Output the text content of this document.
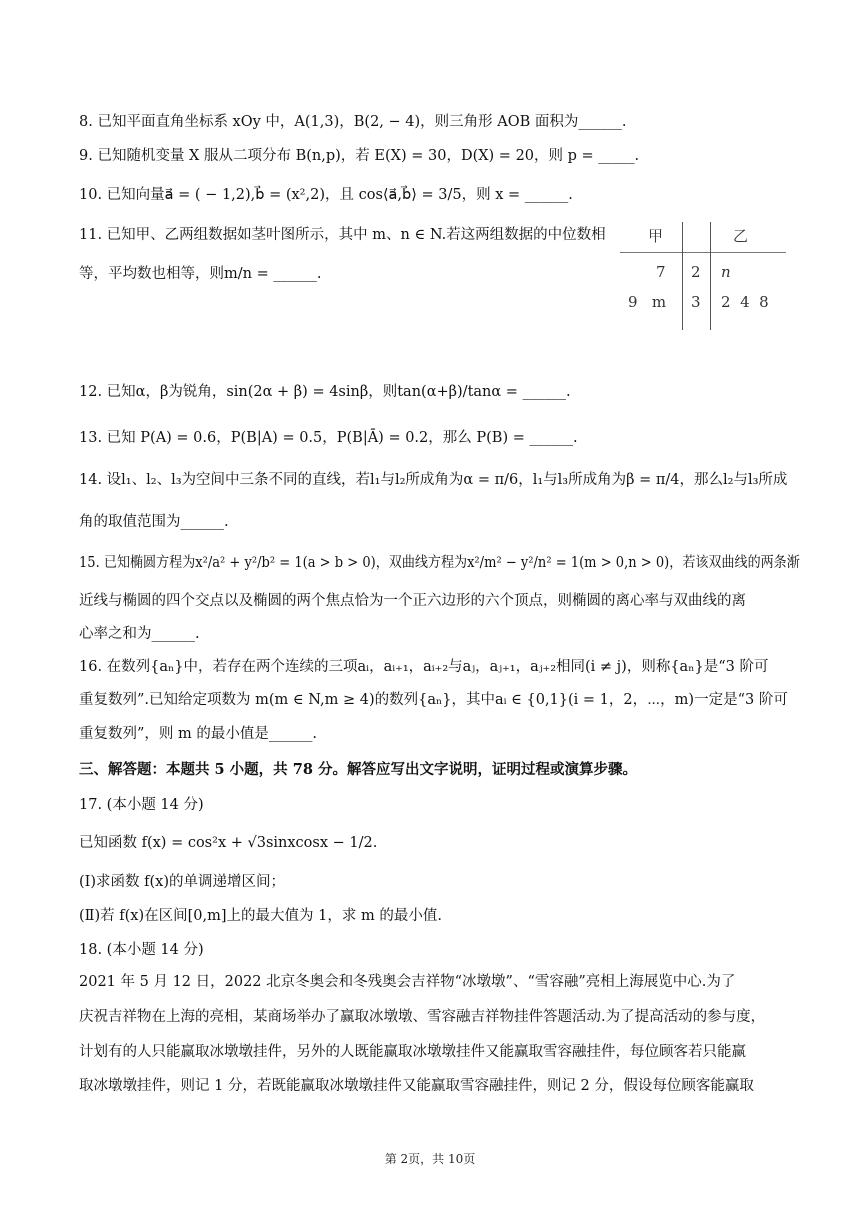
8. 已知平面直角坐标系 xOy 中，A(1,3)，B(2, − 4)，则三角形 AOB 面积为______.
9. 已知随机变量 X 服从二项分布 B(n,p)，若 E(X) = 30，D(X) = 20，则 p = _____.
10. 已知向量a⃗ = ( − 1,2),b⃗ = (x²,2)，且 cos⟨a⃗,b⃗⟩ = 3/5，则 x = ______.
11. 已知甲、乙两组数据如茎叶图所示，其中 m、n ∈ N.若这两组数据的中位数相
等，平均数也相等，则m/n = ______.
甲	乙
7 2 n
9   m 3 2  4  8
12. 已知α，β为锐角，sin(2α + β) = 4sinβ，则tan(α+β)/tanα = ______.
13. 已知 P(A) = 0.6，P(B|A) = 0.5，P(B|Ā) = 0.2，那么 P(B) = ______.
14. 设l₁、l₂、l₃为空间中三条不同的直线，若l₁与l₂所成角为α = π/6，l₁与l₃所成角为β = π/4，那么l₂与l₃所成
角的取值范围为______.
15. 已知椭圆方程为x²/a² + y²/b² = 1(a > b > 0)，双曲线方程为x²/m² − y²/n² = 1(m > 0,n > 0)，若该双曲线的两条渐
近线与椭圆的四个交点以及椭圆的两个焦点恰为一个正六边形的六个顶点，则椭圆的离心率与双曲线的离
心率之和为______.
16. 在数列{aₙ}中，若存在两个连续的三项aᵢ，aᵢ₊₁，aᵢ₊₂与aⱼ，aⱼ₊₁，aⱼ₊₂相同(i ≠ j)，则称{aₙ}是“3 阶可
重复数列”.已知给定项数为 m(m ∈ N,m ≥ 4)的数列{aₙ}，其中aᵢ ∈ {0,1}(i = 1，2，⋯，m)一定是“3 阶可
重复数列”，则 m 的最小值是______.
三、解答题：本题共 5 小题，共 78 分。解答应写出文字说明，证明过程或演算步骤。
17. (本小题 14 分)
已知函数 f(x) = cos²x + √3sinxcosx − 1/2.
(Ⅰ)求函数 f(x)的单调递增区间；
(Ⅱ)若 f(x)在区间[0,m]上的最大值为 1，求 m 的最小值.
18. (本小题 14 分)
2021 年 5 月 12 日，2022 北京冬奥会和冬残奥会吉祥物“冰墩墩”、“雪容融”亮相上海展览中心.为了
庆祝吉祥物在上海的亮相，某商场举办了赢取冰墩墩、雪容融吉祥物挂件答题活动.为了提高活动的参与度，
计划有的人只能赢取冰墩墩挂件，另外的人既能赢取冰墩墩挂件又能赢取雪容融挂件，每位顾客若只能赢
取冰墩墩挂件，则记 1 分，若既能赢取冰墩墩挂件又能赢取雪容融挂件，则记 2 分，假设每位顾客能赢取
第 2页，共 10页
